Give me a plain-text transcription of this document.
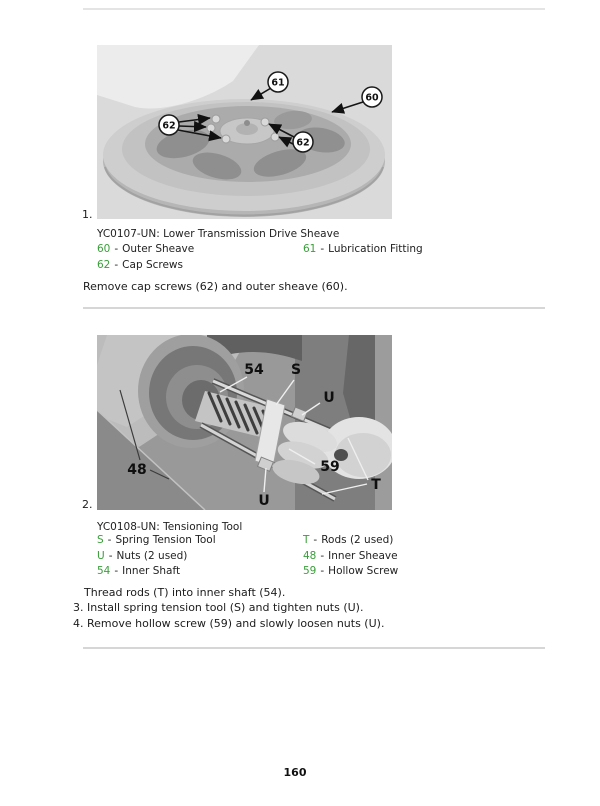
61
60
62
62
1.
YC0107-UN: Lower Transmission Drive Sheave
60 - Outer Sheave	61 - Lubrication Fitting
62 - Cap Screws
Remove cap screws (62) and outer sheave (60).
54 S
U
48	59
U
T
2.
YC0108-UN: Tensioning Tool
S - Spring Tension Tool	T - Rods (2 used)
U - Nuts (2 used)	48 - Inner Sheave
54 - Inner Shaft	59 - Hollow Screw
Thread rods (T) into inner shaft (54).
3. Install spring tension tool (S) and tighten nuts (U).
4. Remove hollow screw (59) and slowly loosen nuts (U).
160
